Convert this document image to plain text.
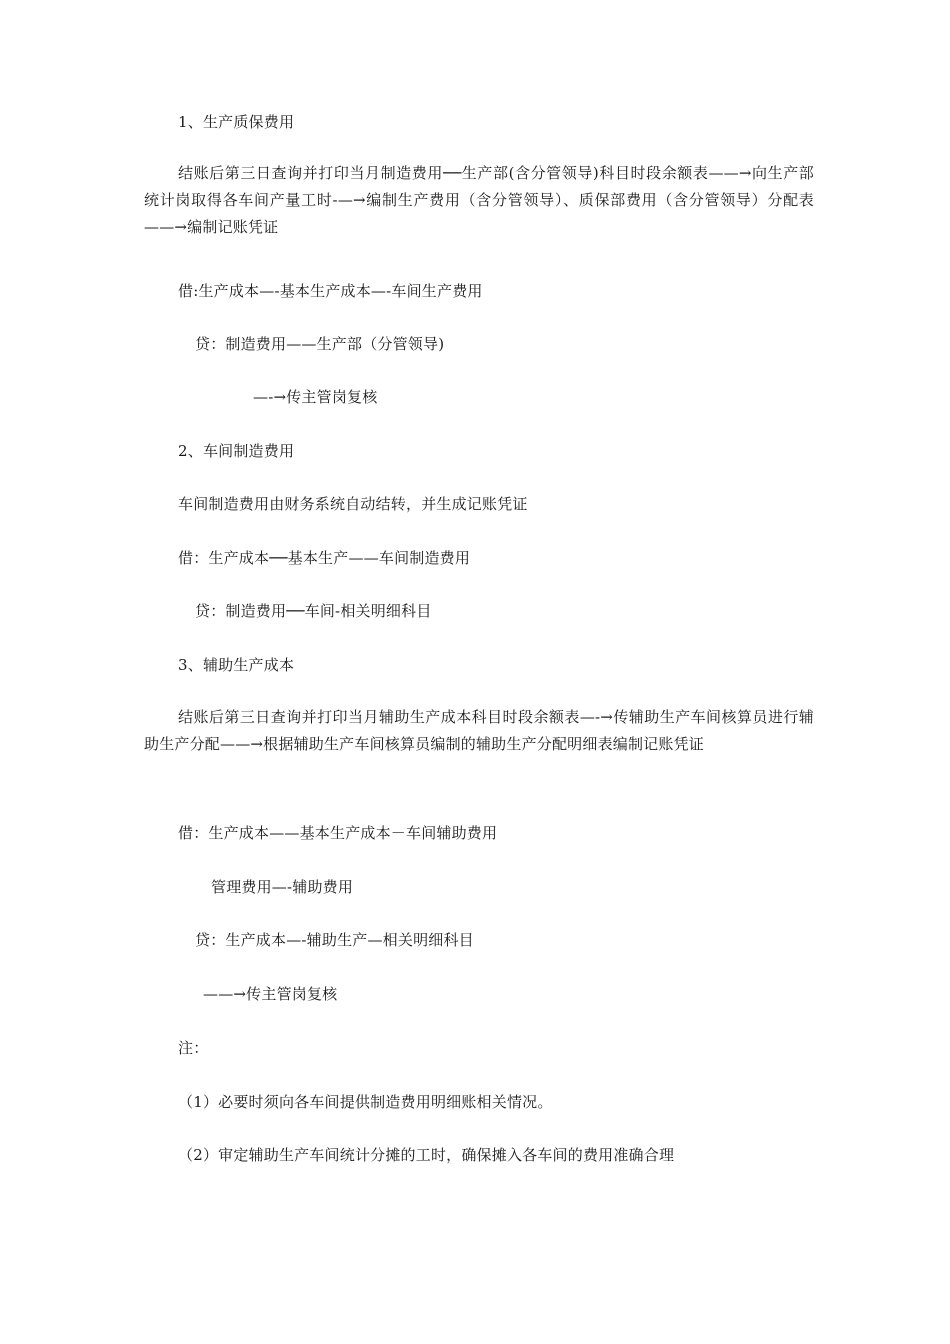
1、生产质保费用
结账后第三日查询并打印当月制造费用──生产部(含分管领导)科目时段余额表——→向生产部统计岗取得各车间产量工时-—→编制生产费用（含分管领导）、质保部费用（含分管领导）分配表——→编制记账凭证
借:生产成本—-基本生产成本—-车间生产费用
贷：制造费用——生产部（分管领导)
—-→传主管岗复核
2、车间制造费用
车间制造费用由财务系统自动结转，并生成记账凭证
借：生产成本──基本生产——车间制造费用
贷：制造费用──车间-相关明细科目
3、辅助生产成本
结账后第三日查询并打印当月辅助生产成本科目时段余额表—-→传辅助生产车间核算员进行辅助生产分配——→根据辅助生产车间核算员编制的辅助生产分配明细表编制记账凭证
借：生产成本——基本生产成本－车间辅助费用
管理费用—-辅助费用
贷：生产成本—-辅助生产—相关明细科目
——→传主管岗复核
注：
（1）必要时须向各车间提供制造费用明细账相关情况。
（2）审定辅助生产车间统计分摊的工时，确保摊入各车间的费用准确合理
